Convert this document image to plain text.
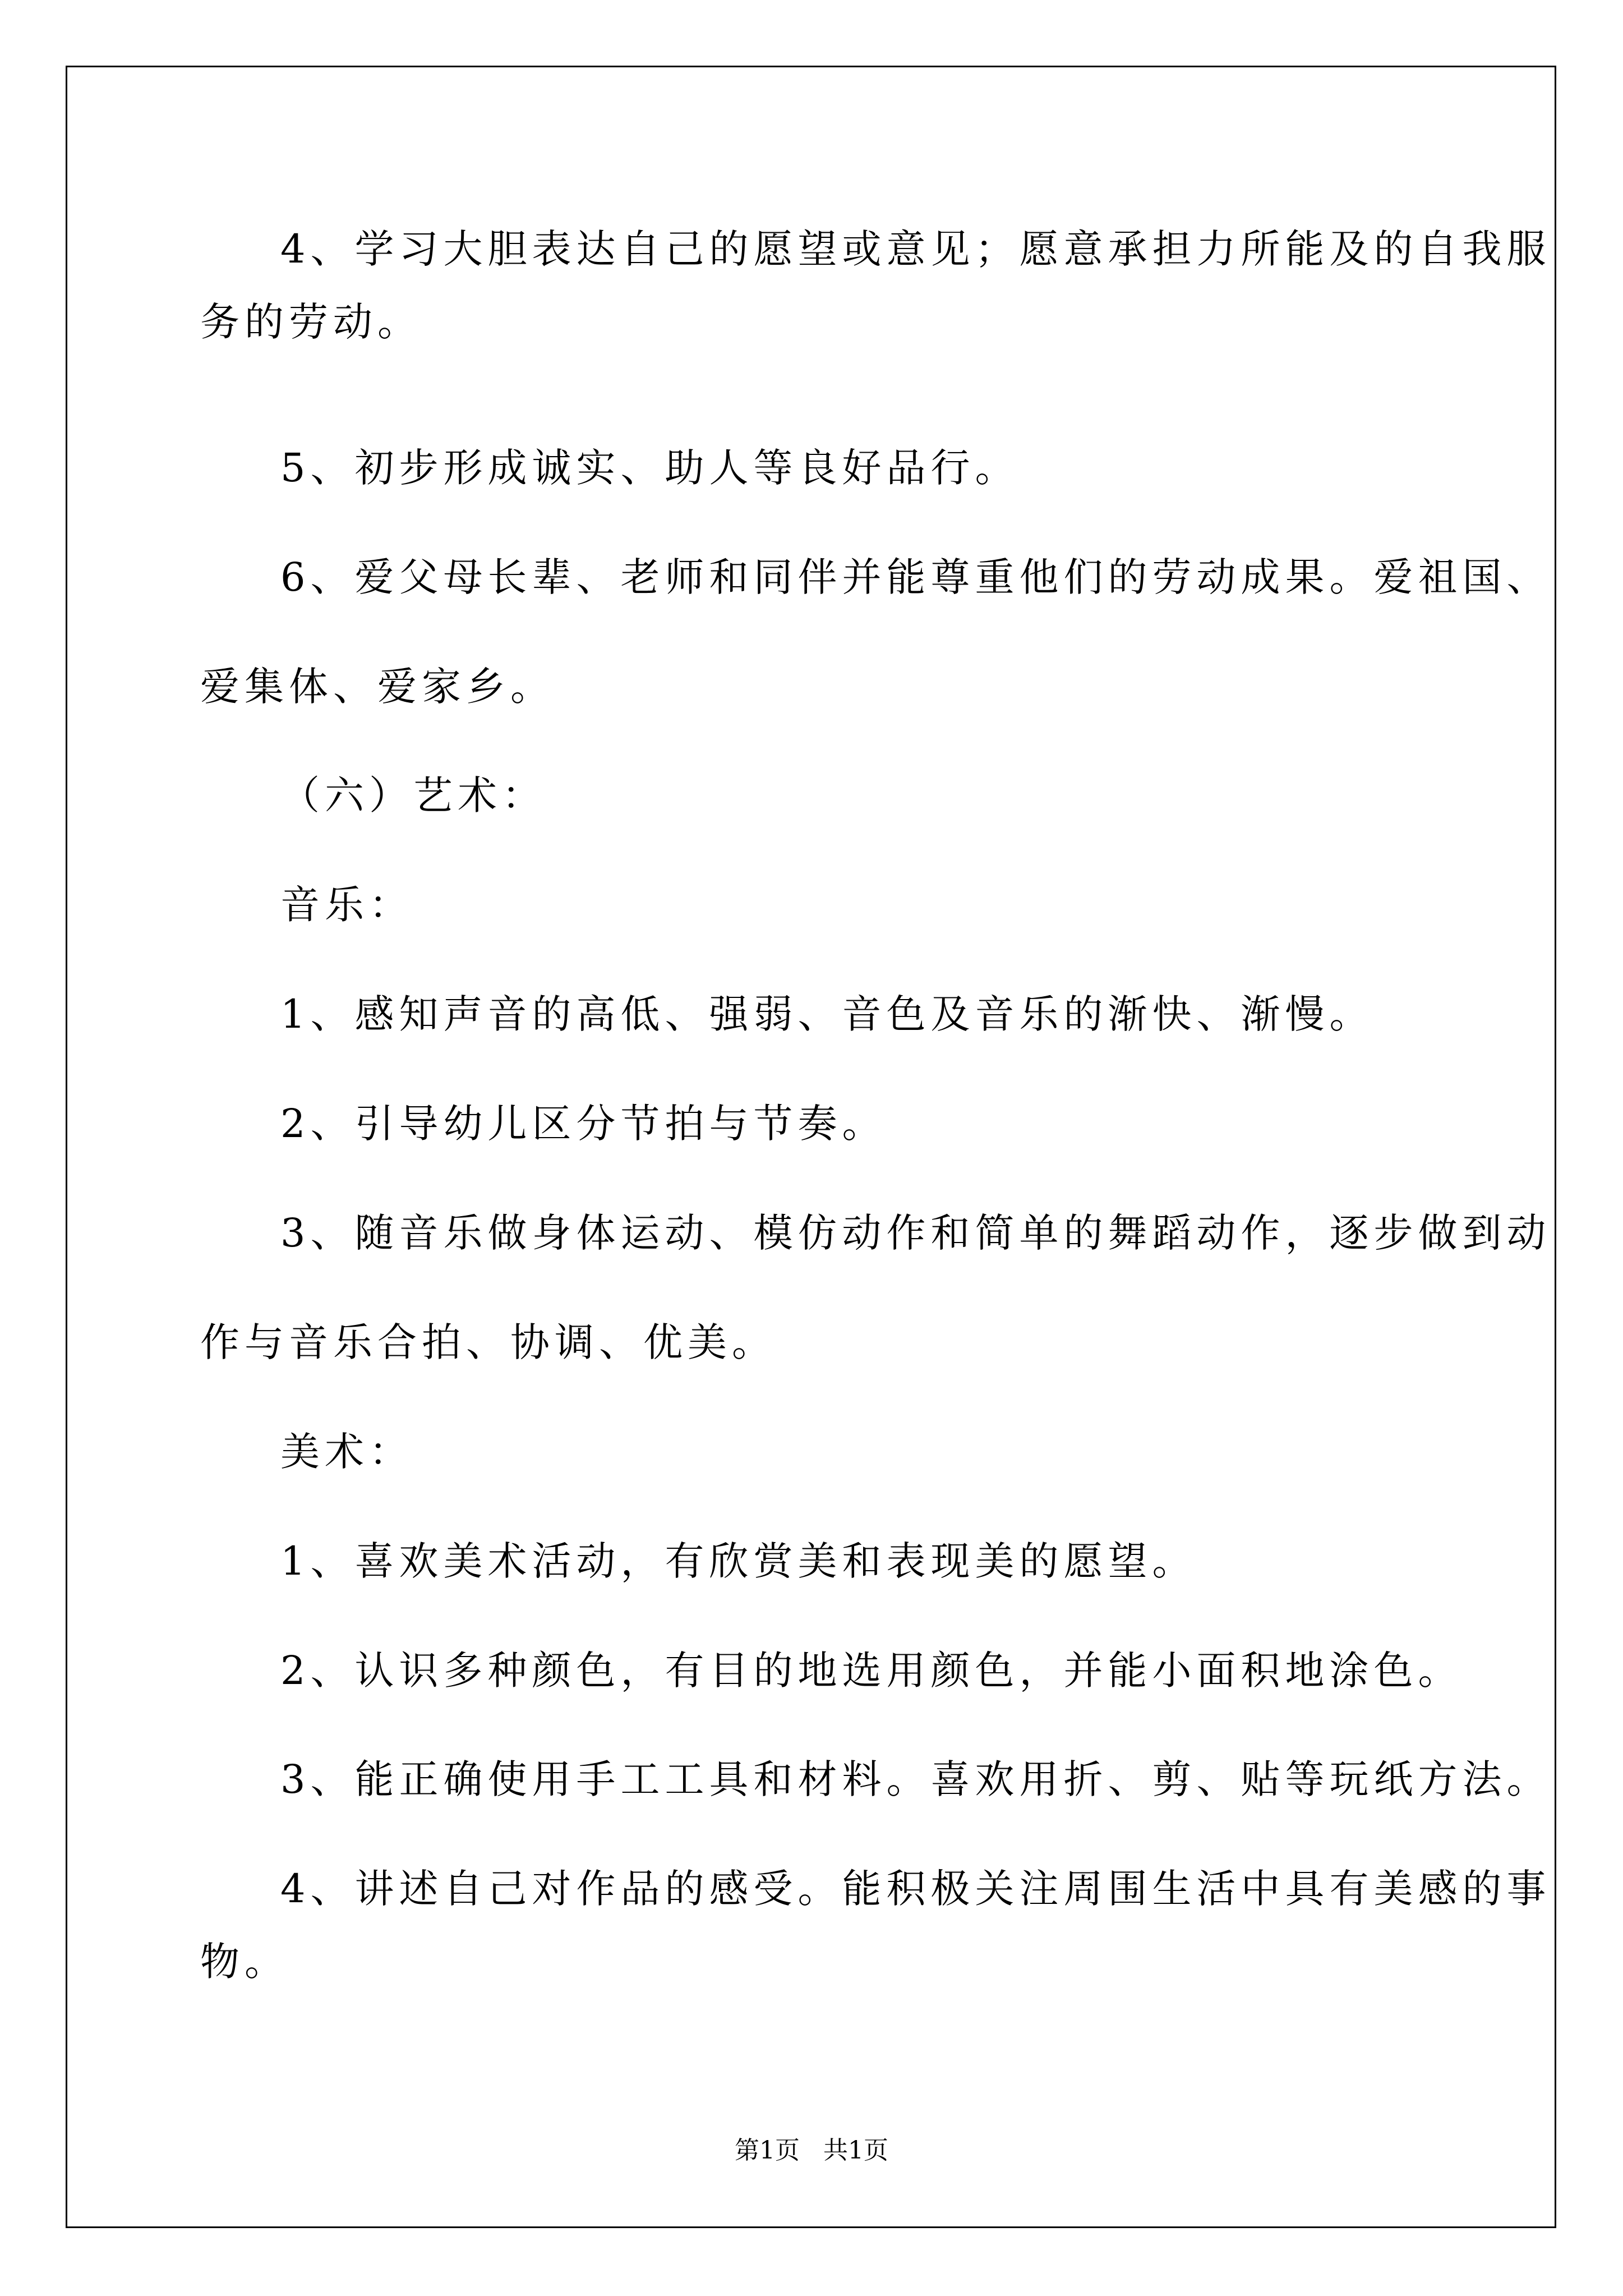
4、学习大胆表达自己的愿望或意见；愿意承担力所能及的自我服
务的劳动。
5、初步形成诚实、助人等良好品行。
6、爱父母长辈、老师和同伴并能尊重他们的劳动成果。爱祖国、
爱集体、爱家乡。
（六）艺术：
音乐：
1、感知声音的高低、强弱、音色及音乐的渐快、渐慢。
2、引导幼儿区分节拍与节奏。
3、随音乐做身体运动、模仿动作和简单的舞蹈动作，逐步做到动
作与音乐合拍、协调、优美。
美术：
1、喜欢美术活动，有欣赏美和表现美的愿望。
2、认识多种颜色，有目的地选用颜色，并能小面积地涂色。
3、能正确使用手工工具和材料。喜欢用折、剪、贴等玩纸方法。
4、讲述自己对作品的感受。能积极关注周围生活中具有美感的事
物。
第1页   共1页
